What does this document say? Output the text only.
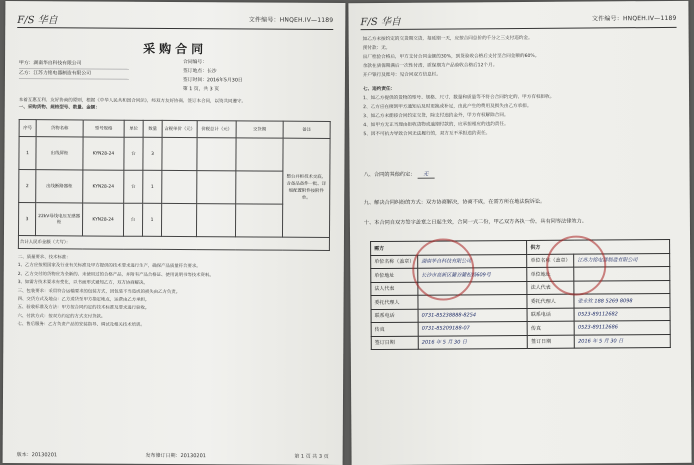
F/S 华自	文件编号：HNQEH.IV—1189
采购合同
甲方：湖南华自科技有限公司
乙方：江苏力铭电器制造有限公司
合同编号：
签订地点：长沙
签订时间：2016年5月30日
第 1 页，共 3 页
本着互惠互利、友好协商的原则，根据《中华人民共和国合同法》，经双方友好协商，签订本合同，以资共同遵守。
一、采购货物、规格型号、数量、金额：
序号	货物名称	型号规格	单位	数量	含税单价（元）	价税总计（元）	交货期	备注
1	出线屏柜	KYN28-24	台	3				整台并柜技术交底，含备品备件一批、详细配置附件按附件单。
2	出线断路器柜	KYN28-24	台	1				
3	22kV母线电压互感器柜	KYN28-24	台	1				
合计人民币金额（大写）：								

二、质量要求、技术标准：

1、乙方应按照国家及行业有关标准及甲方提供的技术要求进行生产，确保产品质量符合要求。

2、乙方交付的货物应为全新的、未使用过的合格产品，并附有产品合格证、使用说明书等技术资料。

3、如需方技术要求有变化，以书面形式通知乙方，双方协商解决。

三、包装要求：采用符合运输要求的包装方式，因包装不当造成的损失由乙方负责。

四、交货方式及地点：乙方送货至甲方指定地点，运费由乙方承担。

五、验收标准及方法：甲方按合同约定的技术标准及要求进行验收。

六、付款方式：按双方约定的方式支付货款。

七、售后服务：乙方负责产品的安装指导、调试及相关技术培训。

版本：20130201	发布修订日期：20130201	第 1 页 共 3 页
F/S 华自	文件编号：HNQEH.IV—1189

如乙方未按约定的交货期交货，每延期一天，应按合同总价的千分之三支付违约金。

预付款：无。

出厂检验合格后，甲方支付合同金额的30%，到货验收合格后支付至合同金额的60%。

余款在质保期满后一次性付清，质保期为产品验收合格后12个月。

开户银行及账号：见合同双方信息栏。

七、违约责任：

1、如乙方提供的货物的型号、规格、尺寸、数量和质量等不符合合同约定的，甲方有权拒收。

2、乙方应在接到甲方通知后及时更换或补足，由此产生的费用及损失由乙方承担。

3、如乙方未能按合同约定交货，除支付违约金外，甲方有权解除合同。

4、如甲方无正当理由拒收货物或逾期付款的，应承担相应的违约责任。

5、因不可抗力导致合同无法履行的，双方互不承担违约责任。

八、合同的其他约定： 无
九、解决合同纠纷的方式：双方协商解决，协商不成，在需方所在地法院诉讼。
十、本合同自双方签字盖章之日起生效，合同一式二份，甲乙双方各执一份，具有同等法律效力。
需方		供方	
单位名称（盖章）	湖南华自科技有限公司	单位名称（盖章）	江苏力铭电器制造有限公司
单位地址	长沙市高新区麓谷麓松路609号	单位地址	
法人代表		法人代表	
委托代理人		委托代理人	张永钦 188 5269 8098
联系电话	0731-85238888-8254	联系电话	0523-89112682
传真	0731-85209188-07	传真	0523-89112686
签订日期	2016 年 5 月 30 日	签订日期	2016 年 5 月 30 日
